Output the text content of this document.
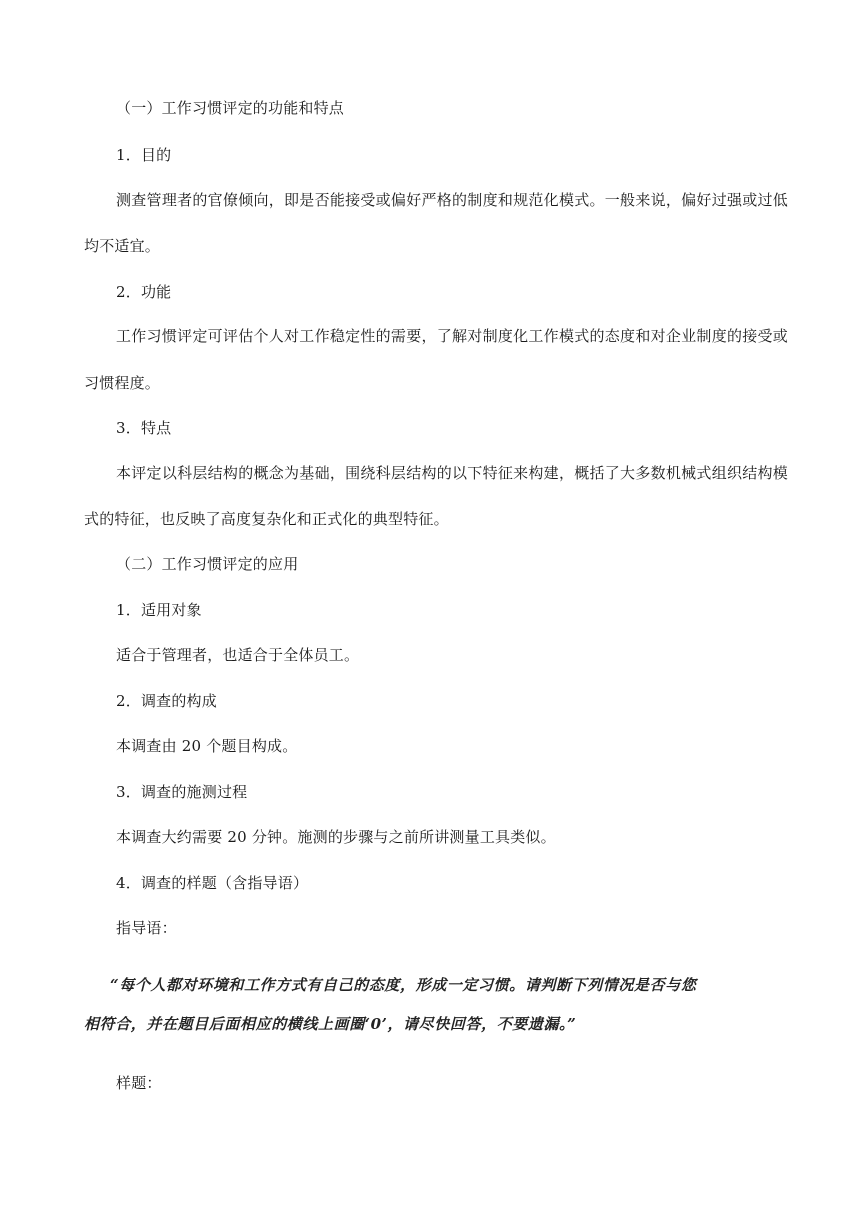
（一）工作习惯评定的功能和特点
1．目的
测查管理者的官僚倾向，即是否能接受或偏好严格的制度和规范化模式。一般来说，偏好过强或过低
均不适宜。
2．功能
工作习惯评定可评估个人对工作稳定性的需要，了解对制度化工作模式的态度和对企业制度的接受或
习惯程度。
3．特点
本评定以科层结构的概念为基础，围绕科层结构的以下特征来构建，概括了大多数机械式组织结构模
式的特征，也反映了高度复杂化和正式化的典型特征。
（二）工作习惯评定的应用
1．适用对象
适合于管理者，也适合于全体员工。
2．调查的构成
本调查由 20 个题目构成。
3．调查的施测过程
本调查大约需要 20 分钟。施测的步骤与之前所讲测量工具类似。
4．调查的样题（含指导语）
指导语：
“每个人都对环境和工作方式有自己的态度，形成一定习惯。请判断下列情况是否与您
相符合，并在题目后面相应的横线上画圈‘0’，请尽快回答，不要遗漏。”
样题：
